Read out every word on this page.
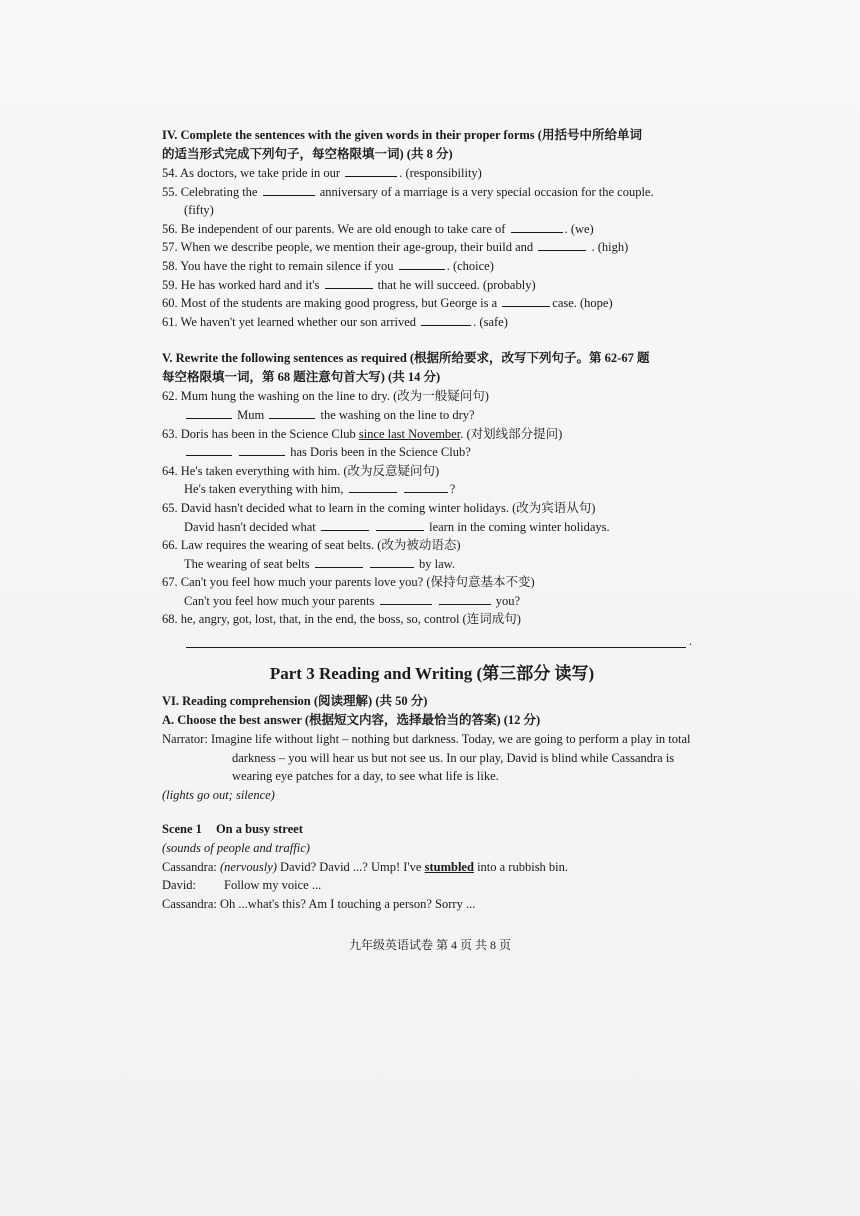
IV. Complete the sentences with the given words in their proper forms (用括号中所给单词
的适当形式完成下列句子，每空格限填一词) (共 8 分)
54. As doctors, we take pride in our	. (responsibility)
55. Celebrating the	anniversary of a marriage is a very special occasion for the couple.
(fifty)
56. Be independent of our parents. We are old enough to take care of	. (we)
57. When we describe people, we mention their age-group, their build and	. (high)
58. You have the right to remain silence if you	. (choice)
59. He has worked hard and it's	that he will succeed. (probably)
60. Most of the students are making good progress, but George is a	case. (hope)
61. We haven't yet learned whether our son arrived	. (safe)
V. Rewrite the following sentences as required (根据所给要求，改写下列句子。第 62-67 题
每空格限填一词，第 68 题注意句首大写) (共 14 分)
62. Mum hung the washing on the line to dry. (改为一般疑问句)
Mum	the washing on the line to dry?
63. Doris has been in the Science Club since last November. (对划线部分提问)
has Doris been in the Science Club?
64. He's taken everything with him. (改为反意疑问句)
He's taken everything with him,	?
65. David hasn't decided what to learn in the coming winter holidays. (改为宾语从句)
David hasn't decided what	learn in the coming winter holidays.
66. Law requires the wearing of seat belts. (改为被动语态)
The wearing of seat belts	by law.
67. Can't you feel how much your parents love you? (保持句意基本不变)
Can't you feel how much your parents	you?
68. he, angry, got, lost, that, in the end, the boss, so, control (连词成句)
.
Part 3 Reading and Writing (第三部分 读写)
VI. Reading comprehension (阅读理解) (共 50 分)
A. Choose the best answer (根据短文内容，选择最恰当的答案) (12 分)
Narrator: Imagine life without light – nothing but darkness. Today, we are going to perform a play in total darkness – you will hear us but not see us. In our play, David is blind while Cassandra is wearing eye patches for a day, to see what life is like.
(lights go out; silence)
Scene 1 On a busy street
(sounds of people and traffic)
Cassandra: (nervously) David? David ...? Ump! I've stumbled into a rubbish bin.
David: Follow my voice ...
Cassandra: Oh ...what's this? Am I touching a person? Sorry ...
九年级英语试卷 第 4 页 共 8 页
